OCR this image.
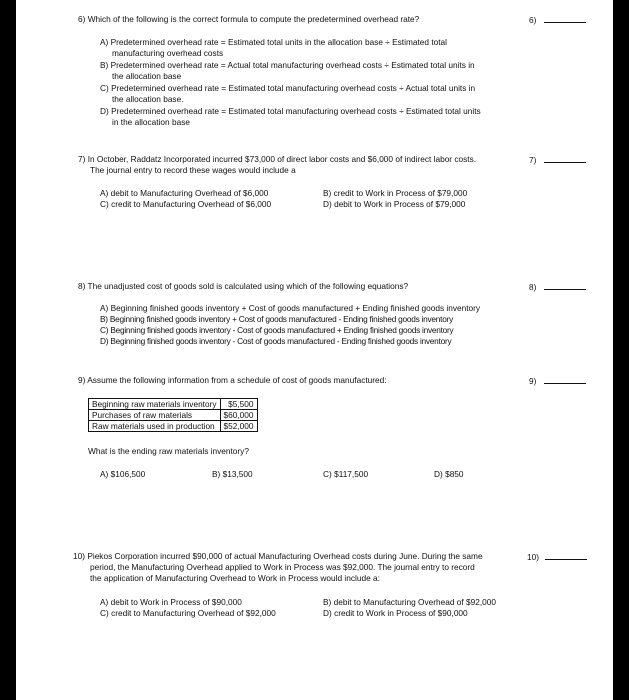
6) Which of the following is the correct formula to compute the predetermined overhead rate?	6)
A) Predetermined overhead rate = Estimated total units in the allocation base ÷ Estimated total
manufacturing overhead costs
B) Predetermined overhead rate = Actual total manufacturing overhead costs ÷ Estimated total units in
the allocation base
C) Predetermined overhead rate = Estimated total manufacturing overhead costs ÷ Actual total units in
the allocation base.
D) Predetermined overhead rate = Estimated total manufacturing overhead costs ÷ Estimated total units
in the allocation base
7) In October, Raddatz Incorporated incurred $73,000 of direct labor costs and $6,000 of indirect labor costs.
The journal entry to record these wages would include a
7)
A) debit to Manufacturing Overhead of $6,000	B) credit to Work in Process of $79,000
C) credit to Manufacturing Overhead of $6,000	D) debit to Work in Process of $79,000
8) The unadjusted cost of goods sold is calculated using which of the following equations?	8)
A) Beginning finished goods inventory + Cost of goods manufactured + Ending finished goods inventory
B) Beginning finished goods inventory + Cost of goods manufactured - Ending finished goods inventory
C) Beginning finished goods inventory - Cost of goods manufactured + Ending finished goods inventory
D) Beginning finished goods inventory - Cost of goods manufactured - Ending finished goods inventory
9) Assume the following information from a schedule of cost of goods manufactured:	9)
Beginning raw materials inventory	$5,500
Purchases of raw materials	$60,000
Raw materials used in production	$52,000
What is the ending raw materials inventory?
A) $106,500	B) $13,500	C) $117,500	D) $850
10) Piekos Corporation incurred $90,000 of actual Manufacturing Overhead costs during June. During the same
period, the Manufacturing Overhead applied to Work in Process was $92,000. The journal entry to record
the application of Manufacturing Overhead to Work in Process would include a:
10)
A) debit to Work in Process of $90,000	B) debit to Manufacturing Overhead of $92,000
C) credit to Manufacturing Overhead of $92,000	D) credit to Work in Process of $90,000
